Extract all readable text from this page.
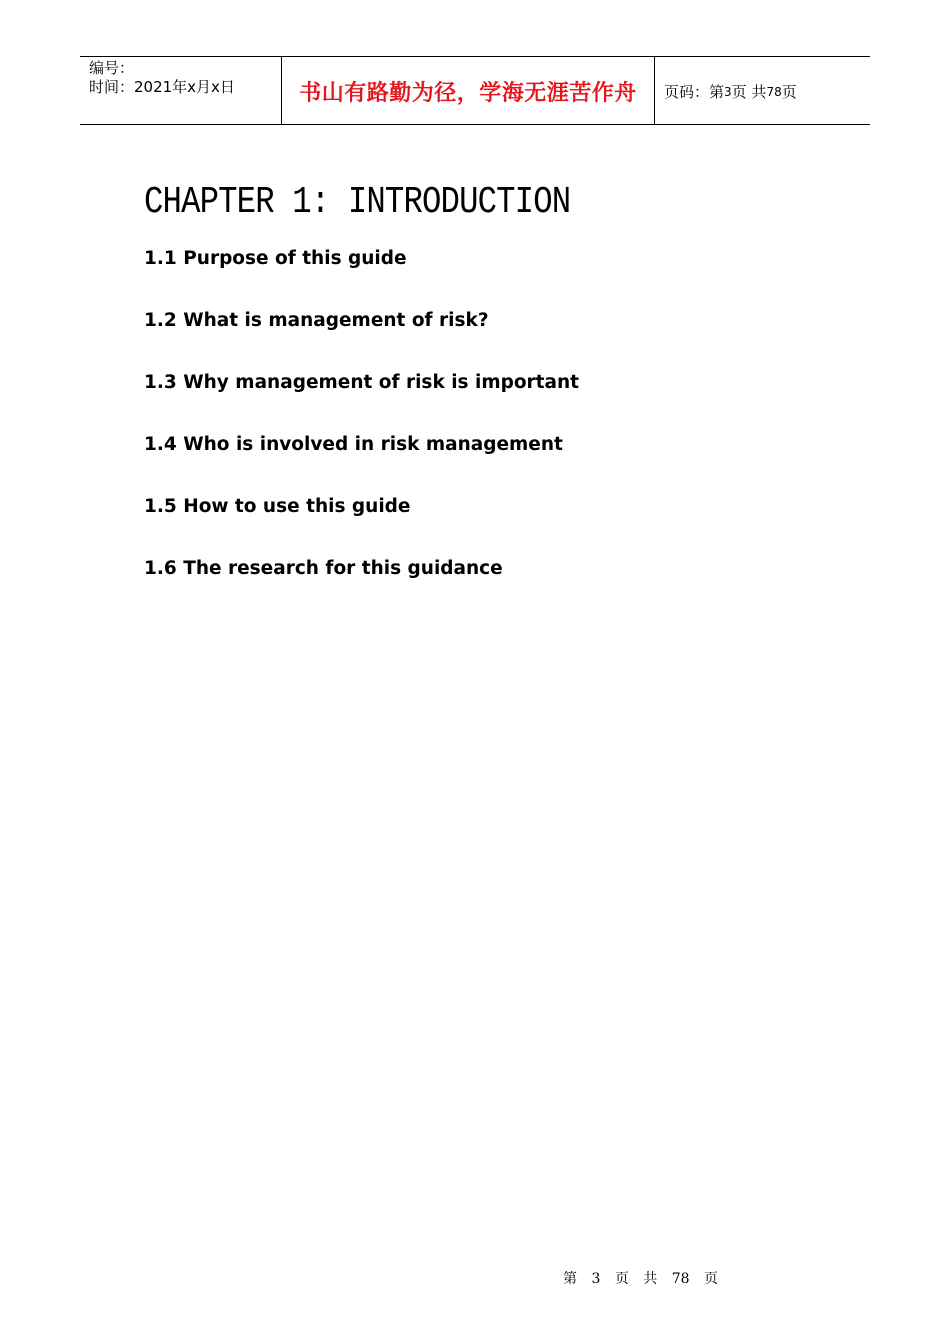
编号：
时间：2021年x月x日	书山有路勤为径，学海无涯苦作舟 页码：第 3 页 共 78 页
CHAPTER 1: INTRODUCTION
1.1 Purpose of this guide
1.2 What is management of risk?
1.3 Why management of risk is important
1.4 Who is involved in risk management
1.5 How to use this guide
1.6 The research for this guidance
第 3 页 共 78 页
